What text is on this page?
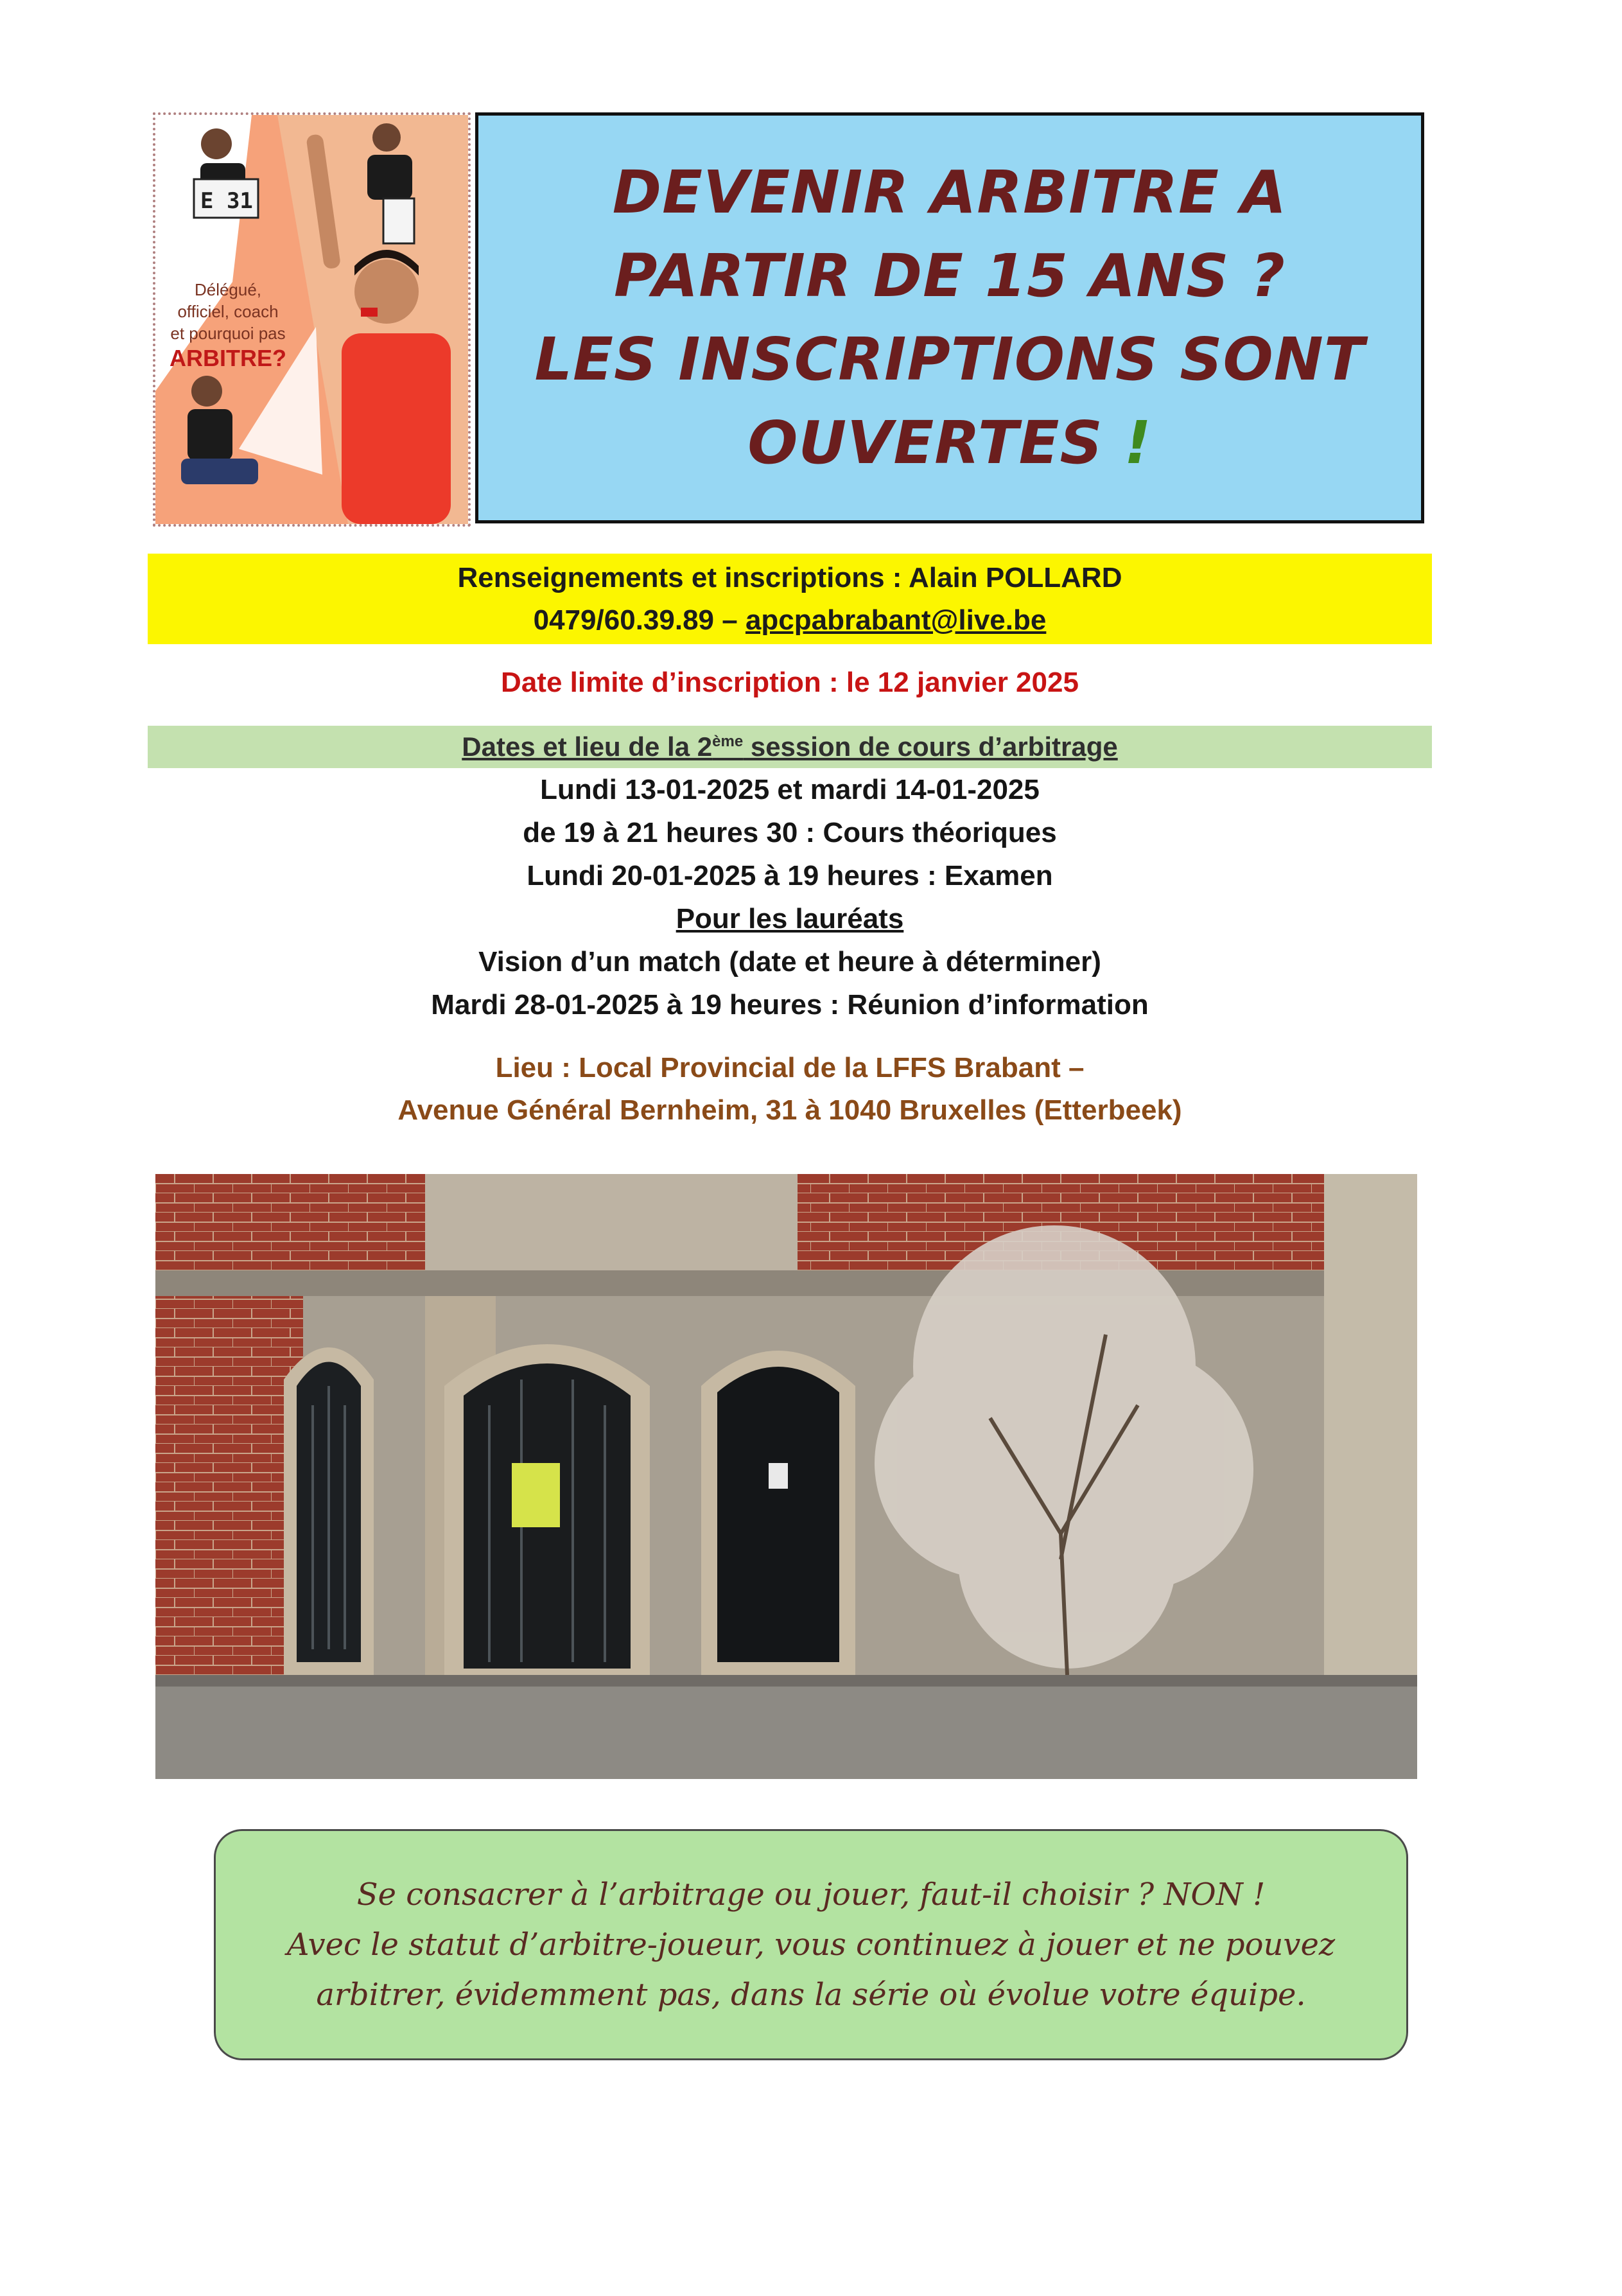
E 31
Délégué,
officiel, coach
et pourquoi pas
ARBITRE?
DEVENIR ARBITRE A
PARTIR DE 15 ANS ?
LES INSCRIPTIONS SONT
OUVERTES !
Renseignements et inscriptions : Alain POLLARD
0479/60.39.89 – apcpabrabant@live.be
Date limite d’inscription : le 12 janvier 2025
Dates et lieu de la 2ème session de cours d’arbitrage
Lundi 13-01-2025 et mardi 14-01-2025
de 19 à 21 heures 30 : Cours théoriques
Lundi 20-01-2025 à 19 heures : Examen
Pour les lauréats
Vision d’un match (date et heure à déterminer)
Mardi 28-01-2025 à 19 heures : Réunion d’information
Lieu : Local Provincial de la LFFS Brabant –
Avenue Général Bernheim, 31 à 1040 Bruxelles (Etterbeek)
Se consacrer à l’arbitrage ou jouer, faut-il choisir ? NON !
Avec le statut d’arbitre-joueur, vous continuez à jouer et ne pouvez
arbitrer, évidemment pas, dans la série où évolue votre équipe.
